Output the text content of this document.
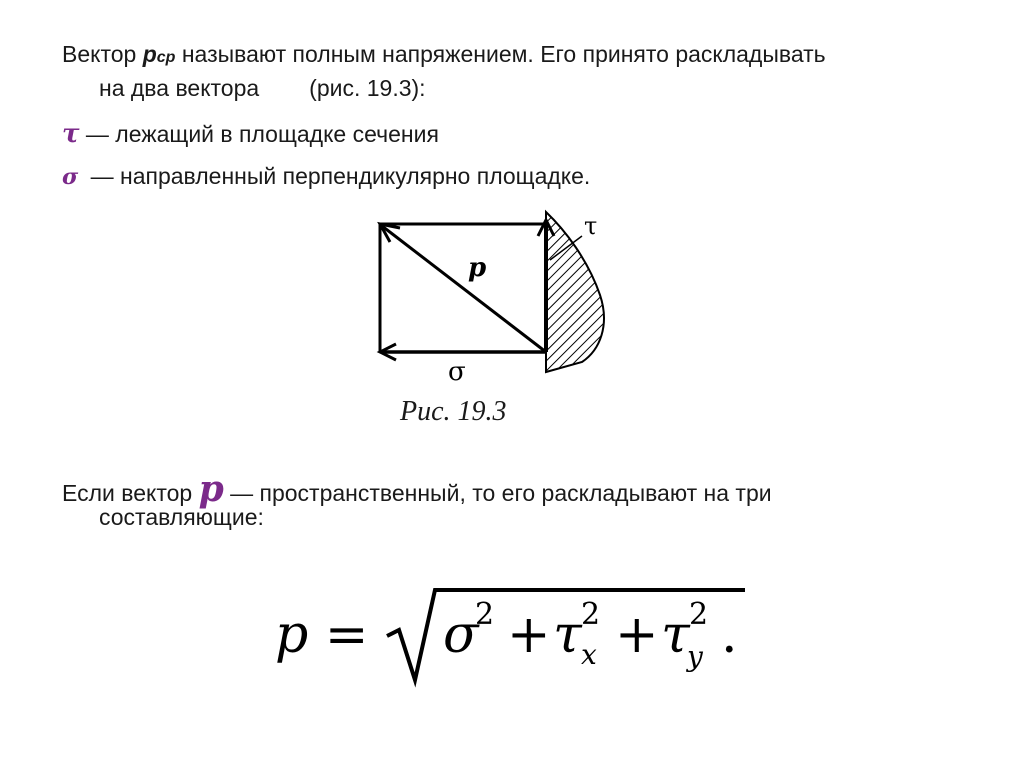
Вектор pср называют полным напряжением. Его принято раскладывать
на два вектора (рис. 19.3):
τ — лежащий в площадке сечения
σ — направленный перпендикулярно площадке.
p
τ
σ
Рис. 19.3
Если вектор p — пространственный, то его раскладывают на три
составляющие:
p = σ
2 + τ 2
x + τ 2
y .
